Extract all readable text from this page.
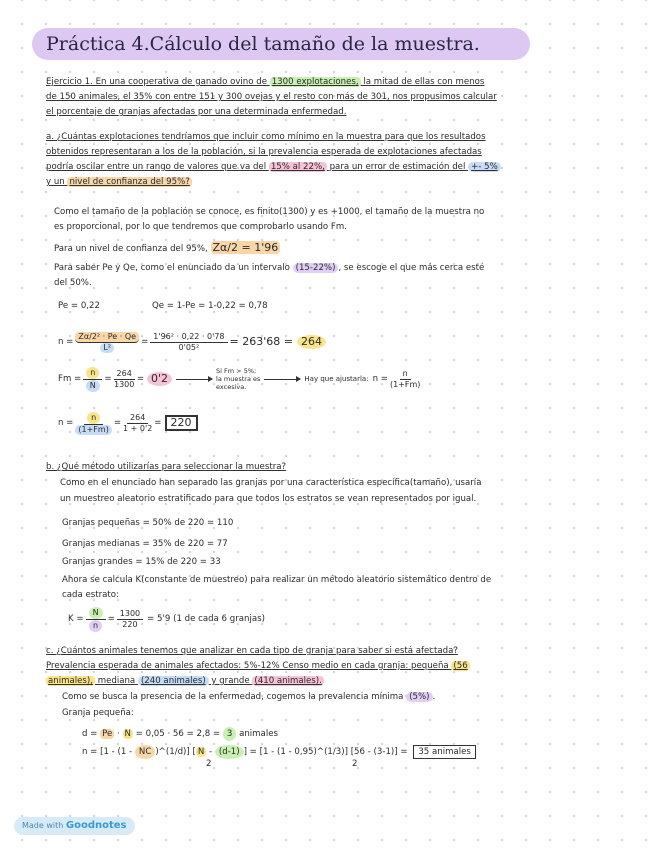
Práctica 4.Cálculo del tamaño de la muestra.
Ejercicio 1. En una cooperativa de ganado ovino de 1300 explotaciones, la mitad de ellas con menos
de 150 animales, el 35% con entre 151 y 300 ovejas y el resto con más de 301, nos propusimos calcular
el porcentaje de granjas afectadas por una determinada enfermedad.
a. ¿Cuántas explotaciones tendríamos que incluir como mínimo en la muestra para que los resultados
obtenidos representaran a los de la población, si la prevalencia esperada de explotaciones afectadas
podría oscilar entre un rango de valores que va del 15% al 22%, para un error de estimación del +- 5%
y un nivel de confianza del 95%?
Como el tamaño de la población se conoce, es finito(1300) y es +1000, el tamaño de la muestra no
es proporcional, por lo que tendremos que comprobarlo usando Fm.
Para un nivel de confianza del 95%, Zα/2 = 1'96
Para saber Pe y Qe, como el enunciado da un intervalo (15-22%) , se escoge el que más cerca esté
del 50%.
Pe = 0,22	Qe = 1-Pe = 1-0,22 = 0,78
$n = \frac{\text{Zα/2² · Pe · Qe}}{\text{L²}} = \frac{\text{1'96² · 0,22 · 0'78}}{\text{0'05²}} = 263'68 = 264$
$Fm = \frac{n}{N} = \frac{264}{1300} = 0'2$
Si Fm > 5%;
la muestra es
excesiva.
Hay que ajustarla: $n = \frac{n}{(1+Fm)}$
$n = \frac{n}{(1+Fm)} = \frac{264}{1 + 0'2} = 220$
b. ¿Qué método utilizarías para seleccionar la muestra?
Como en el enunciado han separado las granjas por una característica específica(tamaño), usaría
un muestreo aleatorio estratificado para que todos los estratos se vean representados por igual.
Granjas pequeñas = 50% de 220 = 110
Granjas medianas = 35% de 220 = 77
Granjas grandes = 15% de 220 = 33
Ahora se calcula K(constante de muestreo) para realizar un método aleatorio sistemático dentro de
cada estrato:
$K = \frac{N}{n} = \frac{1300}{220} = 5'9$ (1 de cada 6 granjas)
c. ¿Cuántos animales tenemos que analizar en cada tipo de granja para saber si está afectada?
Prevalencia esperada de animales afectados: 5%-12% Censo medio en cada granja: pequeña (56
animales), mediana (240 animales) y grande (410 animales).
Como se busca la presencia de la enfermedad, cogemos la prevalencia mínima (5%) .
Granja pequeña:
d = Pe · N = 0,05 · 56 = 2,8 = 3 animales
n = [1 - (1 - NC )^(1/d)] [ N - (d-1) ] = [1 - (1 - 0,95)^(1/3)] [56 - (3-1)] = 35 animales
2	2
Made with Goodnotes
